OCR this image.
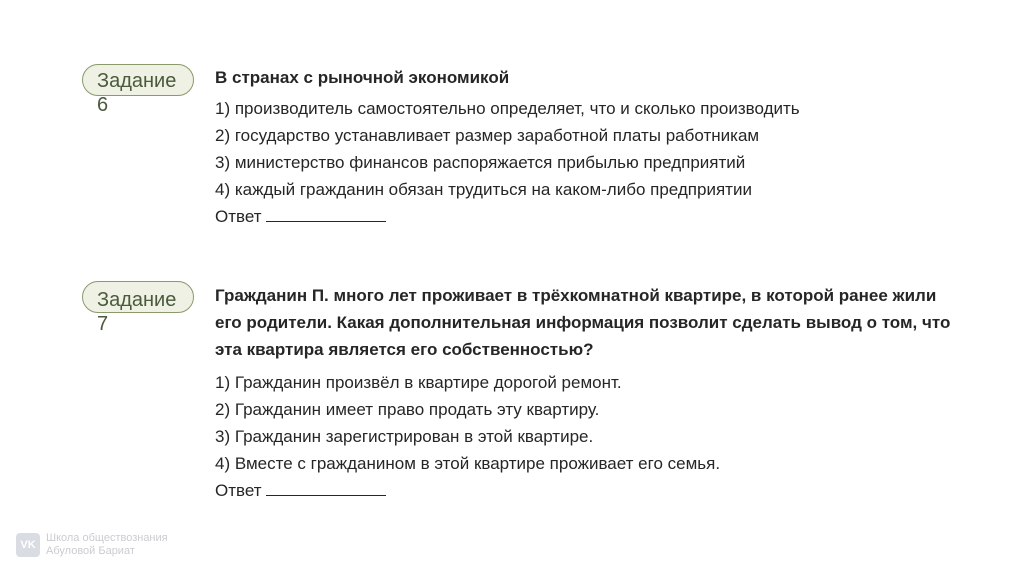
Задание
6

В странах с рыночной экономикой

1) производитель самостоятельно определяет, что и сколько производить

2) государство устанавливает размер заработной платы работникам

3) министерство финансов распоряжается прибылью предприятий

4) каждый гражданин обязан трудиться на каком-либо предприятии

Ответ

Задание
7

Гражданин П. много лет проживает в трёхкомнатной квартире, в которой ранее жили
его родители. Какая дополнительная информация позволит сделать вывод о том, что
эта квартира является его собственностью?

1) Гражданин произвёл в квартире дорогой ремонт.

2) Гражданин имеет право продать эту квартиру.

3) Гражданин зарегистрирован в этой квартире.

4) Вместе с гражданином в этой квартире проживает его семья.

Ответ

VK
Школа обществознания
Абуловой Бариат
